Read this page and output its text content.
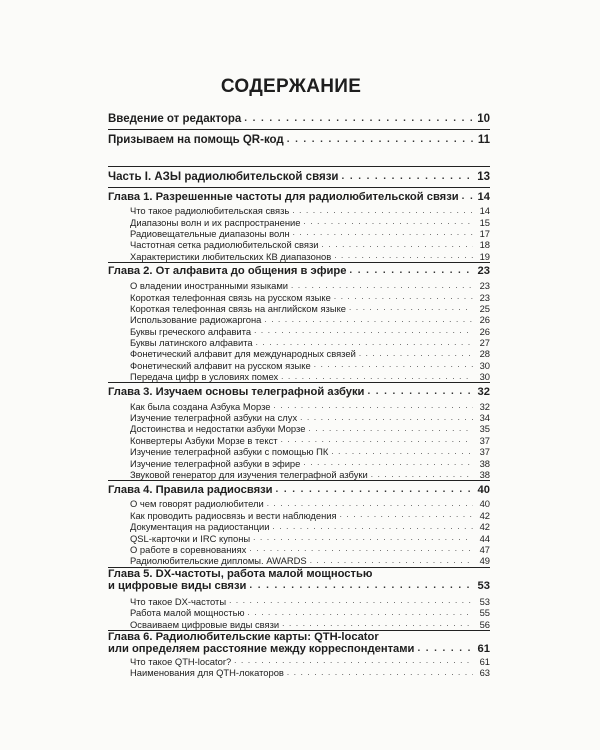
СОДЕРЖАНИЕ
Введение от редактора . . .	10
Призываем на помощь QR-код . . .	11
Часть I. АЗЫ радиолюбительской связи . . .	13
Глава 1. Разрешенные частоты для радиолюбительской связи . . . 14
Что такое радиолюбительская связь . . .	14
Диапазоны волн и их распространение . . .	15
Радиовещательные диапазоны волн . . .	17
Частотная сетка радиолюбительской связи . . .	18
Характеристики любительских КВ диапазонов . . .	19
Глава 2. От алфавита до общения в эфире . . .	23
О владении иностранными языками . . .	23
Короткая телефонная связь на русском языке . . .	23
Короткая телефонная связь на английском языке . . .	25
Использование радиожаргона . . .	26
Буквы греческого алфавита . . .	26
Буквы латинского алфавита . . .	27
Фонетический алфавит для международных связей . . .	28
Фонетический алфавит на русском языке . . .	30
Передача цифр в условиях помех . . .	30
Глава 3. Изучаем основы телеграфной азбуки . . .	32
Как была создана Азбука Морзе . . .	32
Изучение телеграфной азбуки на слух . . .	34
Достоинства и недостатки азбуки Морзе . . .	35
Конвертеры Азбуки Морзе в текст . . .	37
Изучение телеграфной азбуки с помощью ПК . . .	37
Изучение телеграфной азбуки в эфире . . .	38
Звуковой генератор для изучения телеграфной азбуки . . .	38
Глава 4. Правила радиосвязи . . .	40
О чем говорят радиолюбители . . .	40
Как проводить радиосвязь и вести наблюдения . . .	42
Документация на радиостанции . . .	42
QSL-карточки и IRC купоны . . .	44
О работе в соревнованиях . . .	47
Радиолюбительские дипломы. AWARDS . . .	49
Глава 5. DX-частоты, работа малой мощностью
и цифровые виды связи . . .	53
Что такое DX-частоты . . .	53
Работа малой мощностью . . .	55
Осваиваем цифровые виды связи . . .	56
Глава 6. Радиолюбительские карты: QTH-locator
или определяем расстояние между корреспондентами . . .	61
Что такое QTH-locator? . . .	61
Наименования для QTH-локаторов . . .	63
